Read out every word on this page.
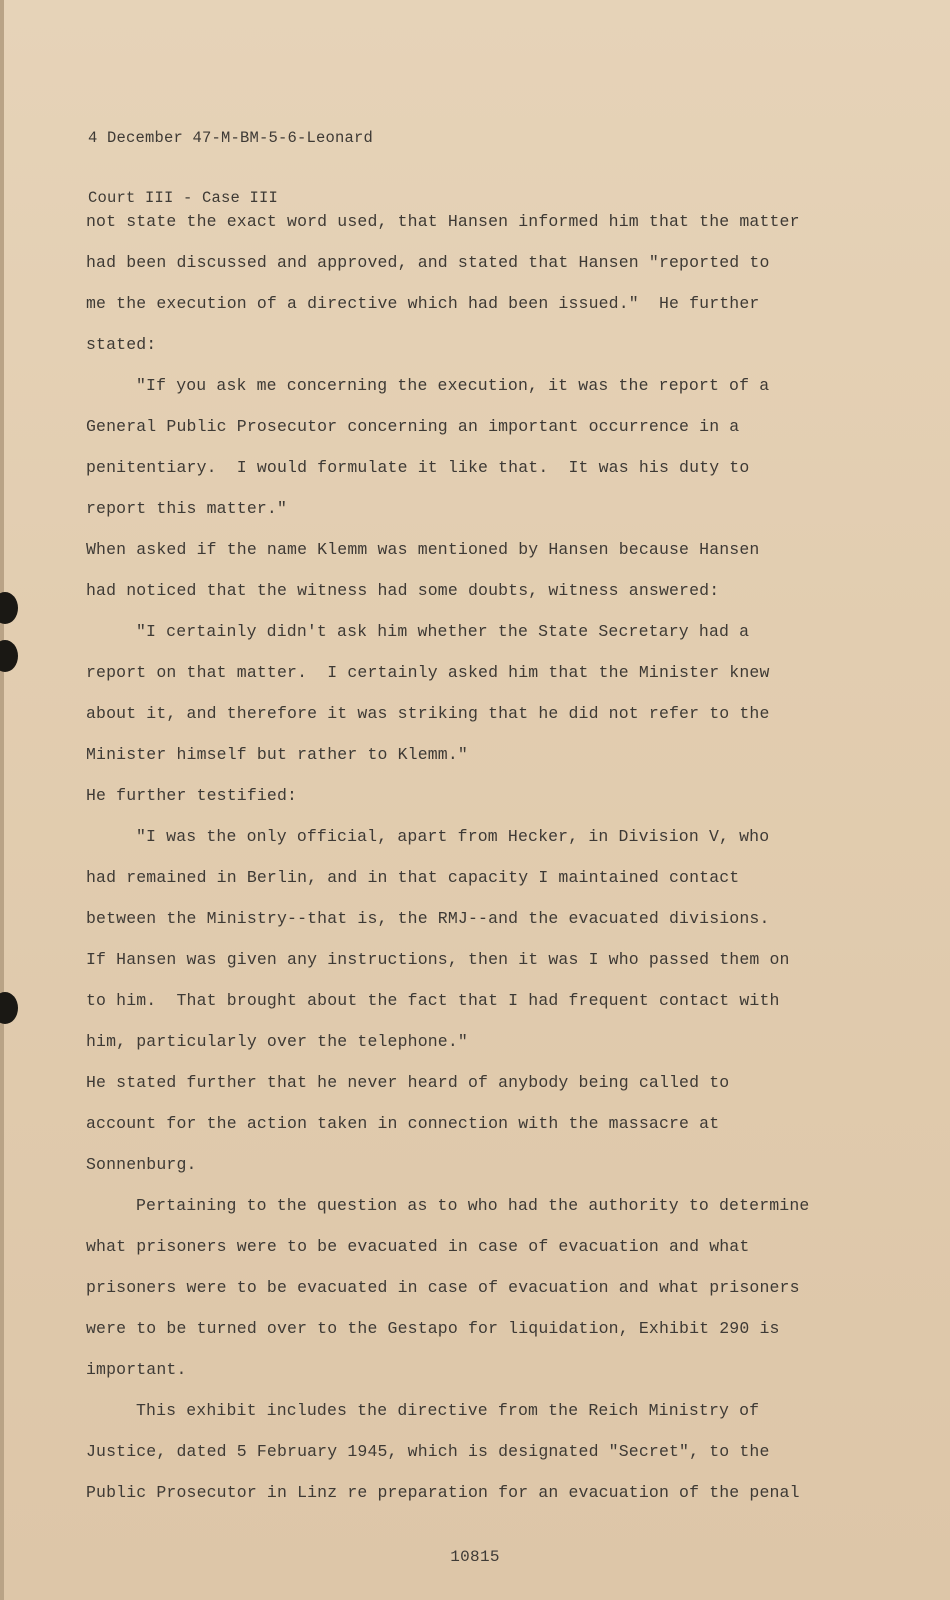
4 December 47-M-BM-5-6-Leonard

Court III - Case III

not state the exact word used, that Hansen informed him that the matter
had been discussed and approved, and stated that Hansen "reported to
me the execution of a directive which had been issued."  He further
stated:
"If you ask me concerning the execution, it was the report of a
General Public Prosecutor concerning an important occurrence in a
penitentiary.  I would formulate it like that.  It was his duty to
report this matter."
When asked if the name Klemm was mentioned by Hansen because Hansen
had noticed that the witness had some doubts, witness answered:
"I certainly didn't ask him whether the State Secretary had a
report on that matter.  I certainly asked him that the Minister knew
about it, and therefore it was striking that he did not refer to the
Minister himself but rather to Klemm."
He further testified:
"I was the only official, apart from Hecker, in Division V, who
had remained in Berlin, and in that capacity I maintained contact
between the Ministry--that is, the RMJ--and the evacuated divisions.
If Hansen was given any instructions, then it was I who passed them on
to him.  That brought about the fact that I had frequent contact with
him, particularly over the telephone."
He stated further that he never heard of anybody being called to
account for the action taken in connection with the massacre at
Sonnenburg.
Pertaining to the question as to who had the authority to determine
what prisoners were to be evacuated in case of evacuation and what
prisoners were to be evacuated in case of evacuation and what prisoners
were to be turned over to the Gestapo for liquidation, Exhibit 290 is
important.
This exhibit includes the directive from the Reich Ministry of
Justice, dated 5 February 1945, which is designated "Secret", to the
Public Prosecutor in Linz re preparation for an evacuation of the penal
10815
